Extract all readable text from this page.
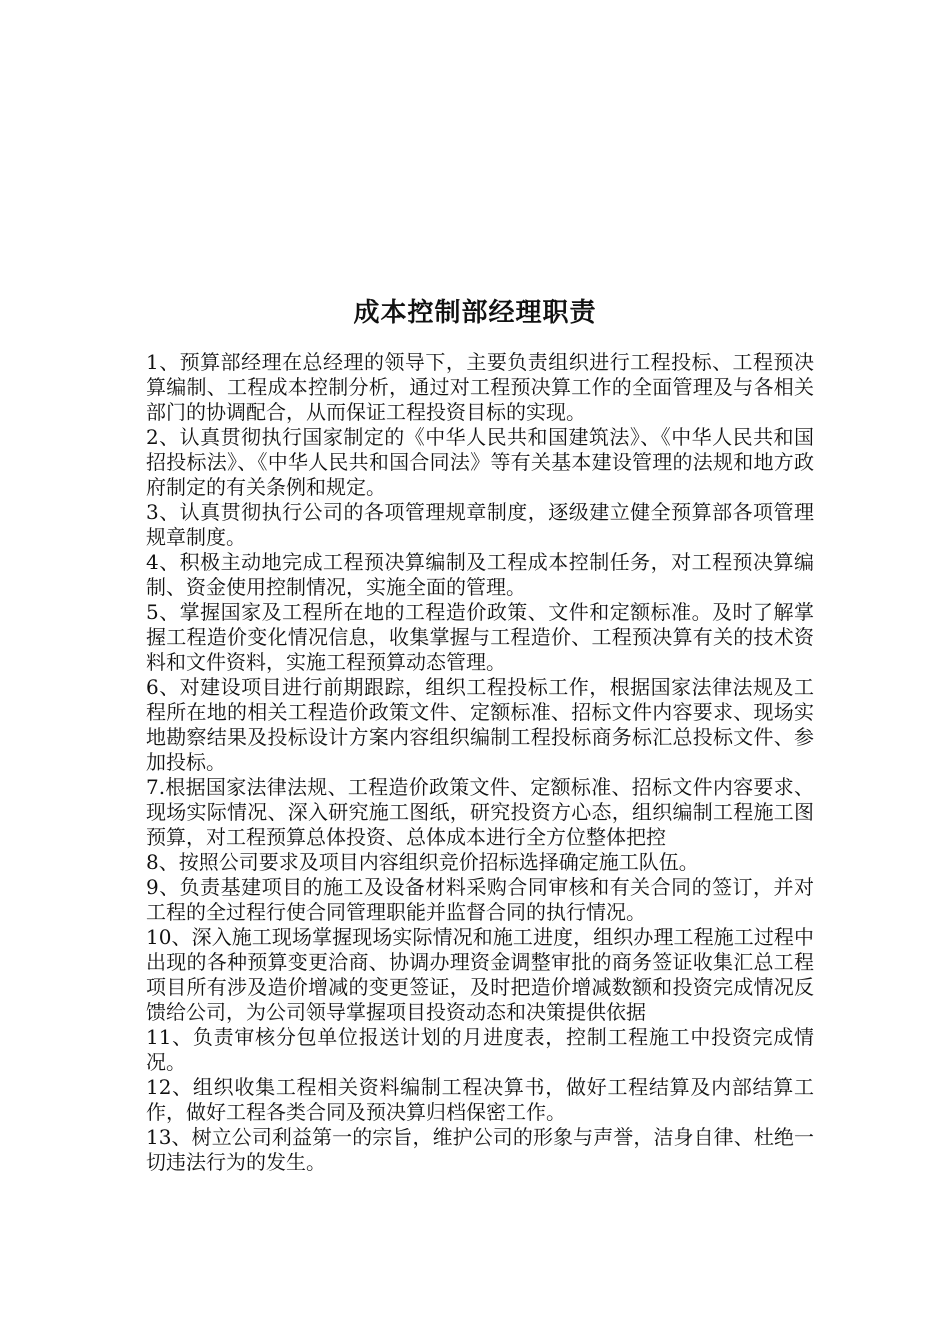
成本控制部经理职责

1、预算部经理在总经理的领导下，主要负责组织进行工程投标、工程预决算编制、工程成本控制分析，通过对工程预决算工作的全面管理及与各相关部门的协调配合，从而保证工程投资目标的实现。

2、认真贯彻执行国家制定的《中华人民共和国建筑法》、《中华人民共和国招投标法》、《中华人民共和国合同法》等有关基本建设管理的法规和地方政府制定的有关条例和规定。

3、认真贯彻执行公司的各项管理规章制度，逐级建立健全预算部各项管理规章制度。

4、积极主动地完成工程预决算编制及工程成本控制任务，对工程预决算编制、资金使用控制情况，实施全面的管理。

5、掌握国家及工程所在地的工程造价政策、文件和定额标准。及时了解掌握工程造价变化情况信息，收集掌握与工程造价、工程预决算有关的技术资料和文件资料，实施工程预算动态管理。

6、对建设项目进行前期跟踪，组织工程投标工作，根据国家法律法规及工程所在地的相关工程造价政策文件、定额标准、招标文件内容要求、现场实地勘察结果及投标设计方案内容组织编制工程投标商务标汇总投标文件、参加投标。

7.根据国家法律法规、工程造价政策文件、定额标准、招标文件内容要求、现场实际情况、深入研究施工图纸，研究投资方心态，组织编制工程施工图预算，对工程预算总体投资、总体成本进行全方位整体把控

8、按照公司要求及项目内容组织竞价招标选择确定施工队伍。

9、负责基建项目的施工及设备材料采购合同审核和有关合同的签订，并对工程的全过程行使合同管理职能并监督合同的执行情况。

10、深入施工现场掌握现场实际情况和施工进度，组织办理工程施工过程中出现的各种预算变更洽商、协调办理资金调整审批的商务签证收集汇总工程项目所有涉及造价增减的变更签证，及时把造价增减数额和投资完成情况反馈给公司，为公司领导掌握项目投资动态和决策提供依据

11、负责审核分包单位报送计划的月进度表，控制工程施工中投资完成情况。

12、组织收集工程相关资料编制工程决算书，做好工程结算及内部结算工作，做好工程各类合同及预决算归档保密工作。

13、树立公司利益第一的宗旨，维护公司的形象与声誉，洁身自律、杜绝一切违法行为的发生。
